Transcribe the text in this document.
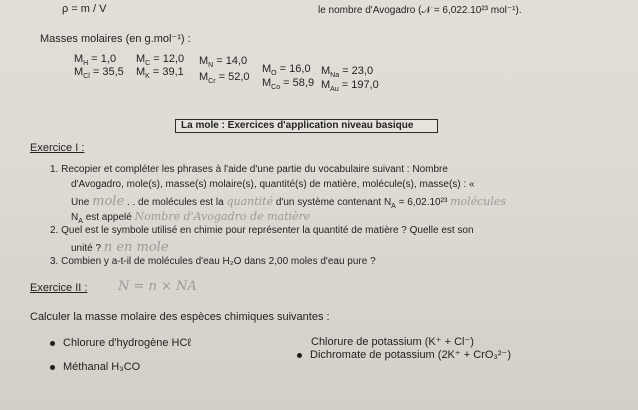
ρ = m / V	le nombre d'Avogadro (𝒩 = 6,022.10²³ mol⁻¹).
Masses molaires (en g.mol⁻¹) :
$M_H = 1,0$ $M_C = 12,0$ $M_N = 14,0$
$M_O = 16,0$ $M_{Na} = 23,0$
$M_{Cl} = 35,5$ $M_K = 39,1$ $M_{Cr} = 52,0$ $M_{Co} = 58,9$ $M_{Au} = 197,0$
La mole : Exercices d'application niveau basique
Exercice I :
1. Recopier et compléter les phrases à l'aide d'une partie du vocabulaire suivant : Nombre
d'Avogadro, mole(s), masse(s) molaire(s), quantité(s) de matière, molécule(s), masse(s) : «
Une mole . . de molécules est la quantité d'un système contenant $N_A = 6,02.10^{23}$ molécules
$N_A$ est appelé Nombre d'Avogadro de matière
2. Quel est le symbole utilisé en chimie pour représenter la quantité de matière ? Quelle est son
unité ? n en mole
3. Combien y a-t-il de molécules d'eau H₂O dans 2,00 moles d'eau pure ?
Exercice II : N = n × NA
Calculer la masse molaire des espèces chimiques suivantes :
Chlorure d'hydrogène HCℓ	Chlorure de potassium (K⁺ + Cl⁻)
Dichromate de potassium (2K⁺ + CrO₃²⁻)
Méthanal H₃CO
